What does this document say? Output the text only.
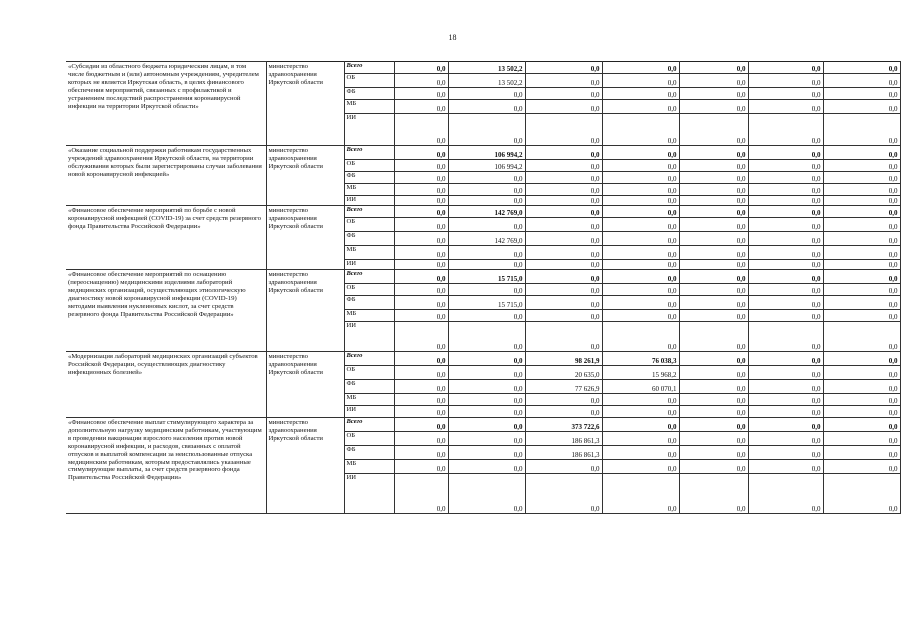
18
«Субсидии из областного бюджета юридическим лицам, в том числе бюджетным и (или) автономным учреждениям, учредителем которых не является Иркутская область, в целях финансового обеспечения мероприятий, связанных с профилактикой и устранением последствий распространения коронавирусной инфекции на территории Иркутской области»	министерство здравоохранения Иркутской области	Всего	0,0	13 502,2	0,0	0,0	0,0	0,0	0,0
		ОБ	0,0	13 502,2	0,0	0,0	0,0	0,0	0,0
		ФБ	0,0	0,0	0,0	0,0	0,0	0,0	0,0
		МБ	0,0	0,0	0,0	0,0	0,0	0,0	0,0
		ИИ	0,0	0,0	0,0	0,0	0,0	0,0	0,0
«Оказание социальной поддержки работникам государственных учреждений здравоохранения Иркутской области, на территории обслуживания которых были зарегистрированы случаи заболевания новой коронавирусной инфекцией»	министерство здравоохранения Иркутской области	Всего	0,0	106 994,2	0,0	0,0	0,0	0,0	0,0
		ОБ	0,0	106 994,2	0,0	0,0	0,0	0,0	0,0
		ФБ	0,0	0,0	0,0	0,0	0,0	0,0	0,0
		МБ	0,0	0,0	0,0	0,0	0,0	0,0	0,0
		ИИ	0,0	0,0	0,0	0,0	0,0	0,0	0,0
«Финансовое обеспечение мероприятий по борьбе с новой коронавирусной инфекцией (COVID-19) за счет средств резервного фонда Правительства Российской Федерации»	министерство здравоохранения Иркутской области	Всего	0,0	142 769,0	0,0	0,0	0,0	0,0	0,0
		ОБ	0,0	0,0	0,0	0,0	0,0	0,0	0,0
		ФБ	0,0	142 769,0	0,0	0,0	0,0	0,0	0,0
		МБ	0,0	0,0	0,0	0,0	0,0	0,0	0,0
		ИИ	0,0	0,0	0,0	0,0	0,0	0,0	0,0
«Финансовое обеспечение мероприятий по оснащению (переоснащению) медицинскими изделиями лабораторий медицинских организаций, осуществляющих этиологическую диагностику новой коронавирусной инфекции (COVID-19) методами выявления нуклеиновых кислот, за счет средств резервного фонда Правительства Российской Федерации»	министерство здравоохранения Иркутской области	Всего	0,0	15 715,0	0,0	0,0	0,0	0,0	0,0
		ОБ	0,0	0,0	0,0	0,0	0,0	0,0	0,0
		ФБ	0,0	15 715,0	0,0	0,0	0,0	0,0	0,0
		МБ	0,0	0,0	0,0	0,0	0,0	0,0	0,0
		ИИ	0,0	0,0	0,0	0,0	0,0	0,0	0,0
«Модернизация лабораторий медицинских организаций субъектов Российской Федерации, осуществляющих диагностику инфекционных болезней»	министерство здравоохранения Иркутской области	Всего	0,0	0,0	98 261,9	76 038,3	0,0	0,0	0,0
		ОБ	0,0	0,0	20 635,0	15 968,2	0,0	0,0	0,0
		ФБ	0,0	0,0	77 626,9	60 070,1	0,0	0,0	0,0
		МБ	0,0	0,0	0,0	0,0	0,0	0,0	0,0
		ИИ	0,0	0,0	0,0	0,0	0,0	0,0	0,0
«Финансовое обеспечение выплат стимулирующего характера за дополнительную нагрузку медицинским работникам, участвующим в проведении вакцинации взрослого населения против новой коронавирусной инфекции, и расходов, связанных с оплатой отпусков и выплатой компенсации за неиспользованные отпуска медицинским работникам, которым предоставлялись указанные стимулирующие выплаты, за счет средств резервного фонда Правительства Российской Федерации»	министерство здравоохранения Иркутской области	Всего	0,0	0,0	373 722,6	0,0	0,0	0,0	0,0
		ОБ	0,0	0,0	186 861,3	0,0	0,0	0,0	0,0
		ФБ	0,0	0,0	186 861,3	0,0	0,0	0,0	0,0
		МБ	0,0	0,0	0,0	0,0	0,0	0,0	0,0
		ИИ	0,0	0,0	0,0	0,0	0,0	0,0	0,0
